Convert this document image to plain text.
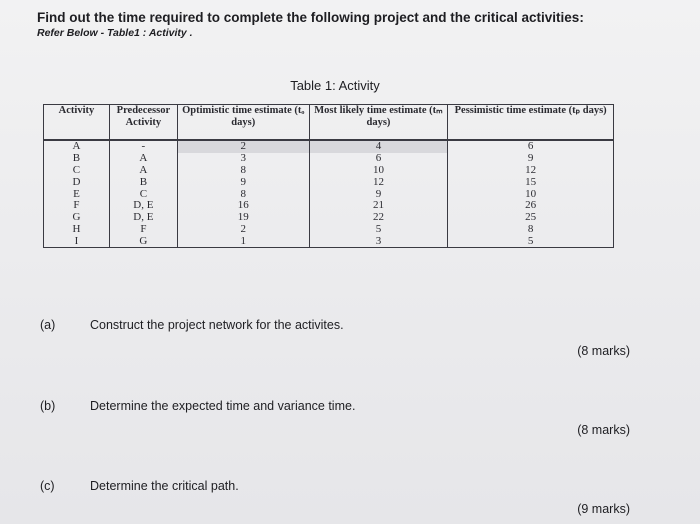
Find out the time required to complete the following project and the critical activities:

Refer Below - Table1 : Activity .

Table 1: Activity

Activity	Predecessor Activity	Optimistic time estimate (tₒ days)	Most likely time estimate (tₘ days)	Pessimistic time estimate (tₚ days)
A	-	2	4	6
B	A	3	6	9
C	A	8	10	12
D	B	9	12	15
E	C	8	9	10
F	D, E	16	21	26
G	D, E	19	22	25
H	F	2	5	8
I	G	1	3	5

(a)	Construct the project network for the activites.

(8 marks)

(b)	Determine the expected time and variance time.

(8 marks)

(c)	Determine the critical path.

(9 marks)
